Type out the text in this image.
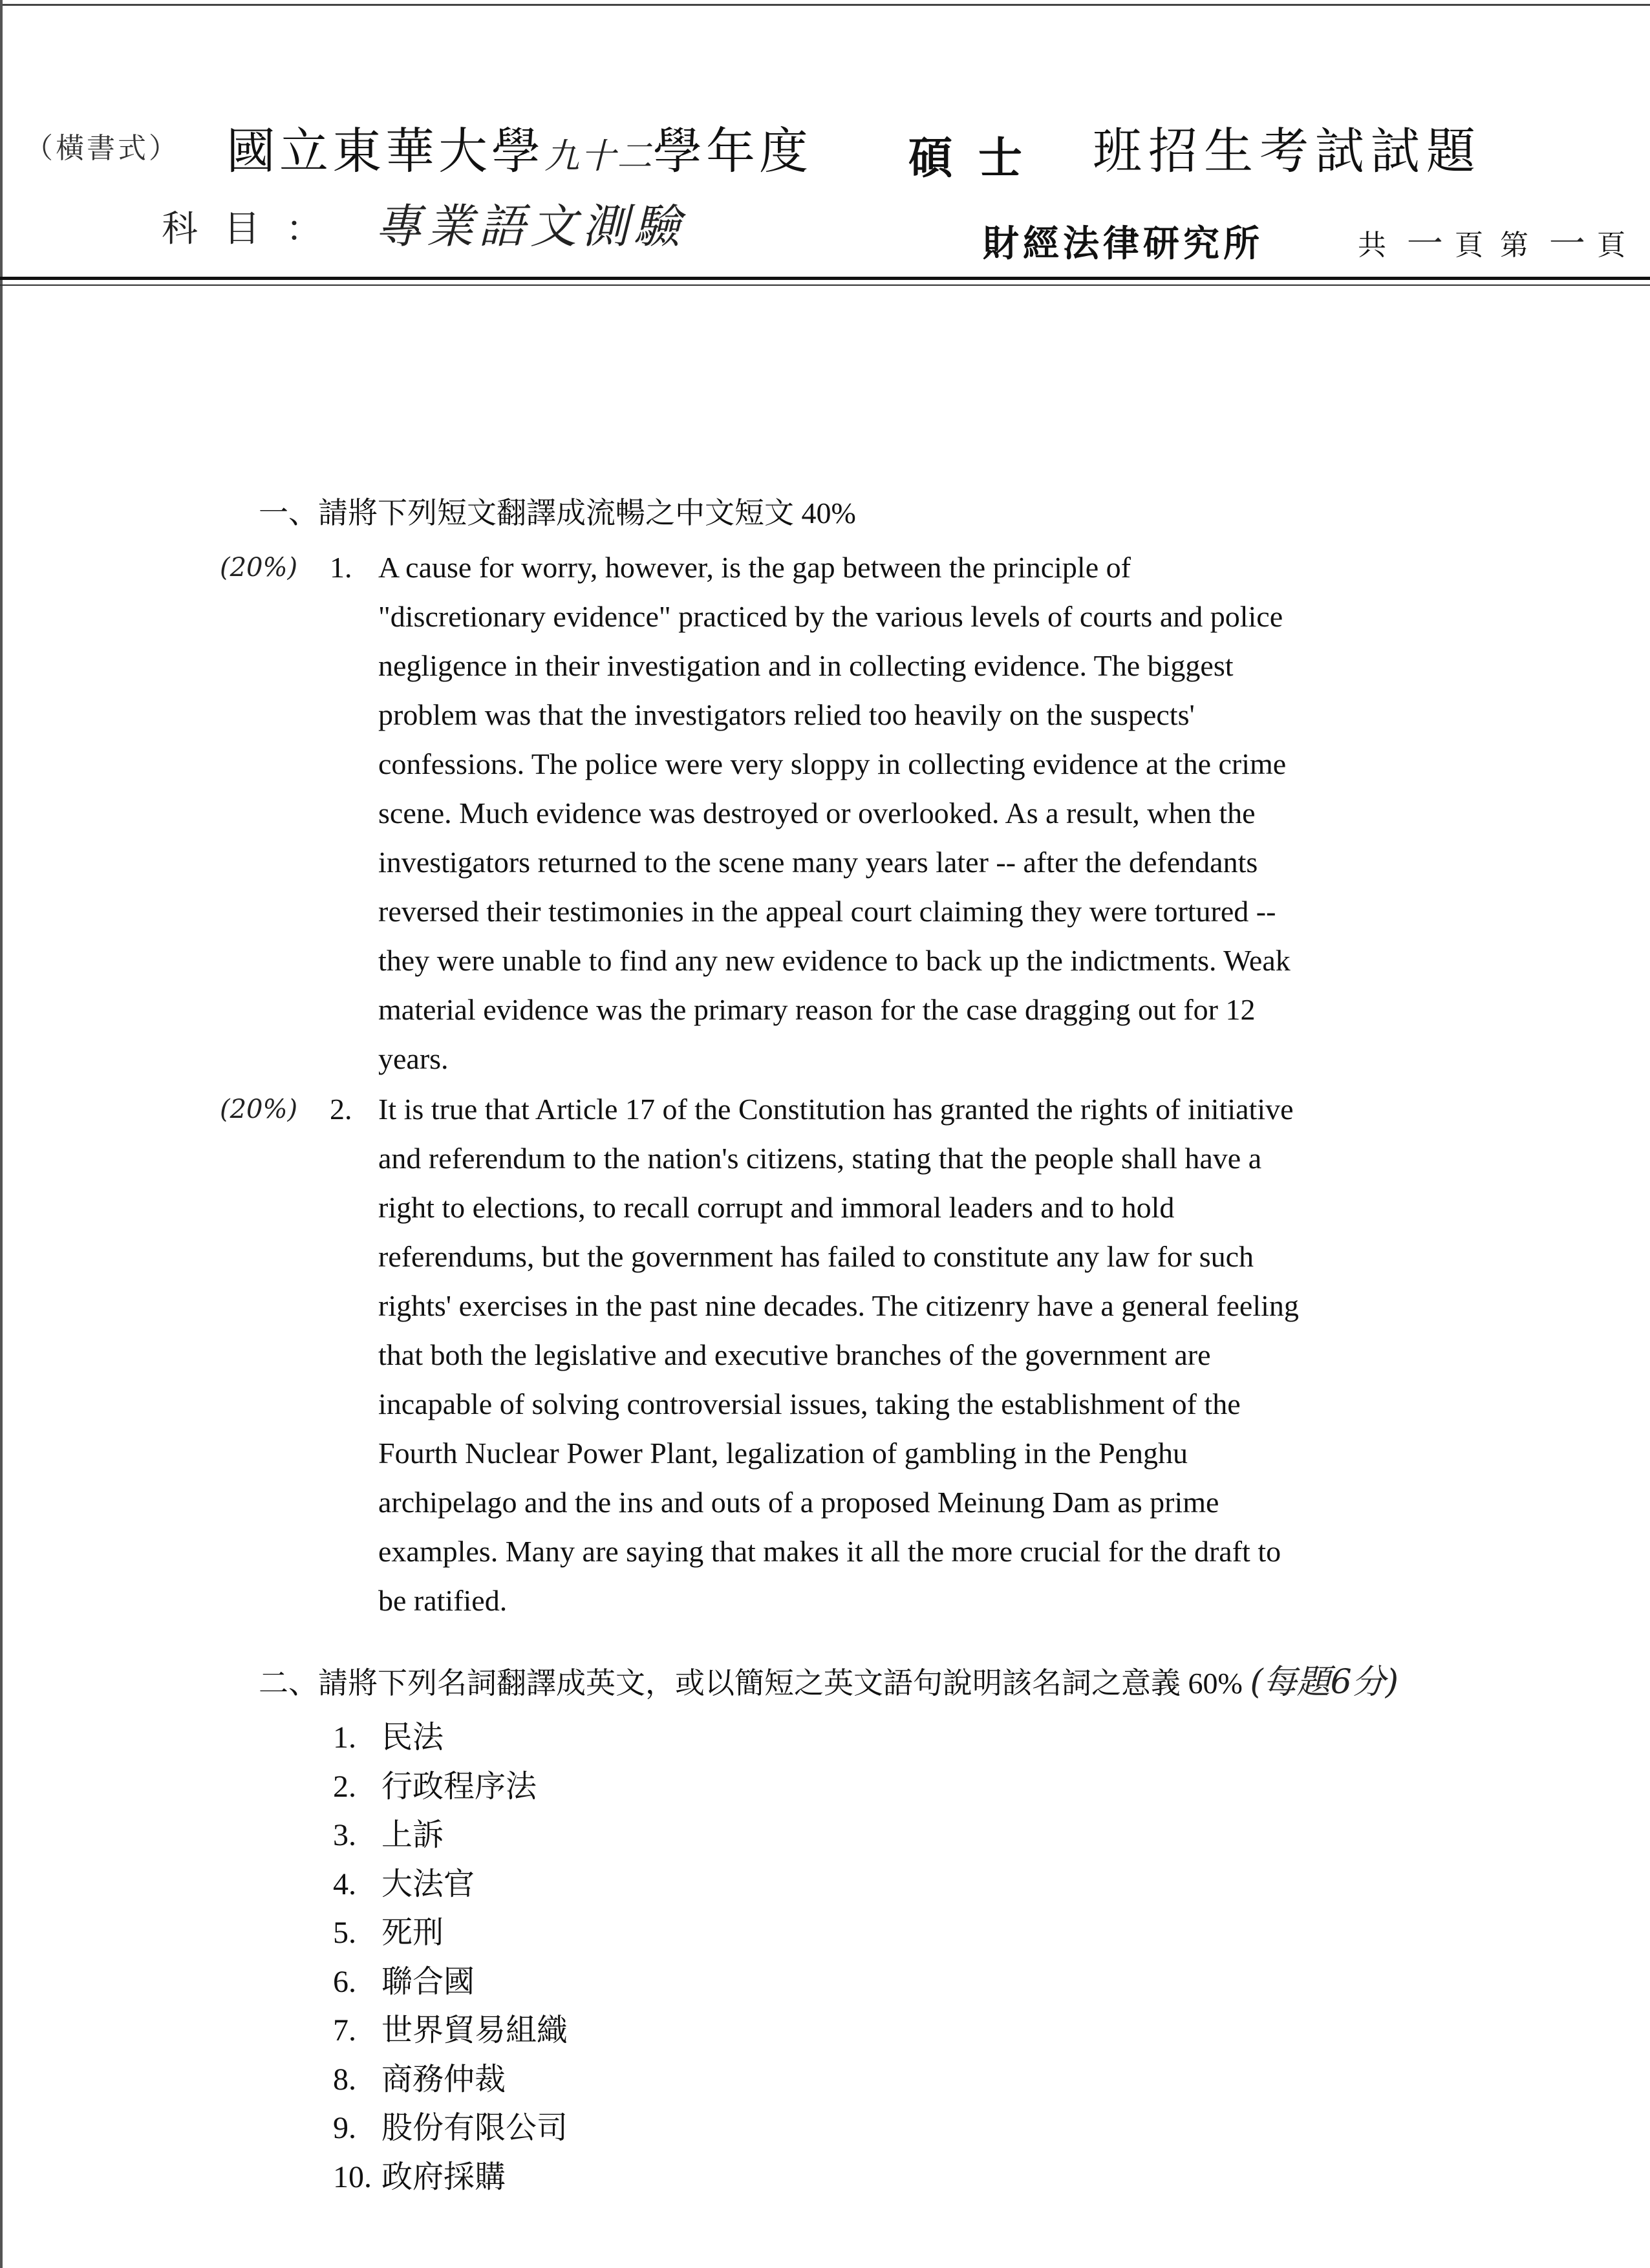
（橫書式） 國立東華大學九十二學年度 碩士 班招生考試試題
科目： 專業語文測驗	財經法律研究所	共 一 頁 第 一 頁
一、請將下列短文翻譯成流暢之中文短文 40%
(20%)	1. A cause for worry, however, is the gap between the principle of
"discretionary evidence" practiced by the various levels of courts and police
negligence in their investigation and in collecting evidence. The biggest
problem was that the investigators relied too heavily on the suspects'
confessions. The police were very sloppy in collecting evidence at the crime
scene. Much evidence was destroyed or overlooked. As a result, when the
investigators returned to the scene many years later -- after the defendants
reversed their testimonies in the appeal court claiming they were tortured --
they were unable to find any new evidence to back up the indictments. Weak
material evidence was the primary reason for the case dragging out for 12
years.
(20%)	2. It is true that Article 17 of the Constitution has granted the rights of initiative
and referendum to the nation's citizens, stating that the people shall have a
right to elections, to recall corrupt and immoral leaders and to hold
referendums, but the government has failed to constitute any law for such
rights' exercises in the past nine decades. The citizenry have a general feeling
that both the legislative and executive branches of the government are
incapable of solving controversial issues, taking the establishment of the
Fourth Nuclear Power Plant, legalization of gambling in the Penghu
archipelago and the ins and outs of a proposed Meinung Dam as prime
examples. Many are saying that makes it all the more crucial for the draft to
be ratified.
二、請將下列名詞翻譯成英文，或以簡短之英文語句說明該名詞之意義 60% (每題6分)
1. 民法
2. 行政程序法
3. 上訴
4. 大法官
5. 死刑
6. 聯合國
7. 世界貿易組織
8. 商務仲裁
9. 股份有限公司
10. 政府採購
